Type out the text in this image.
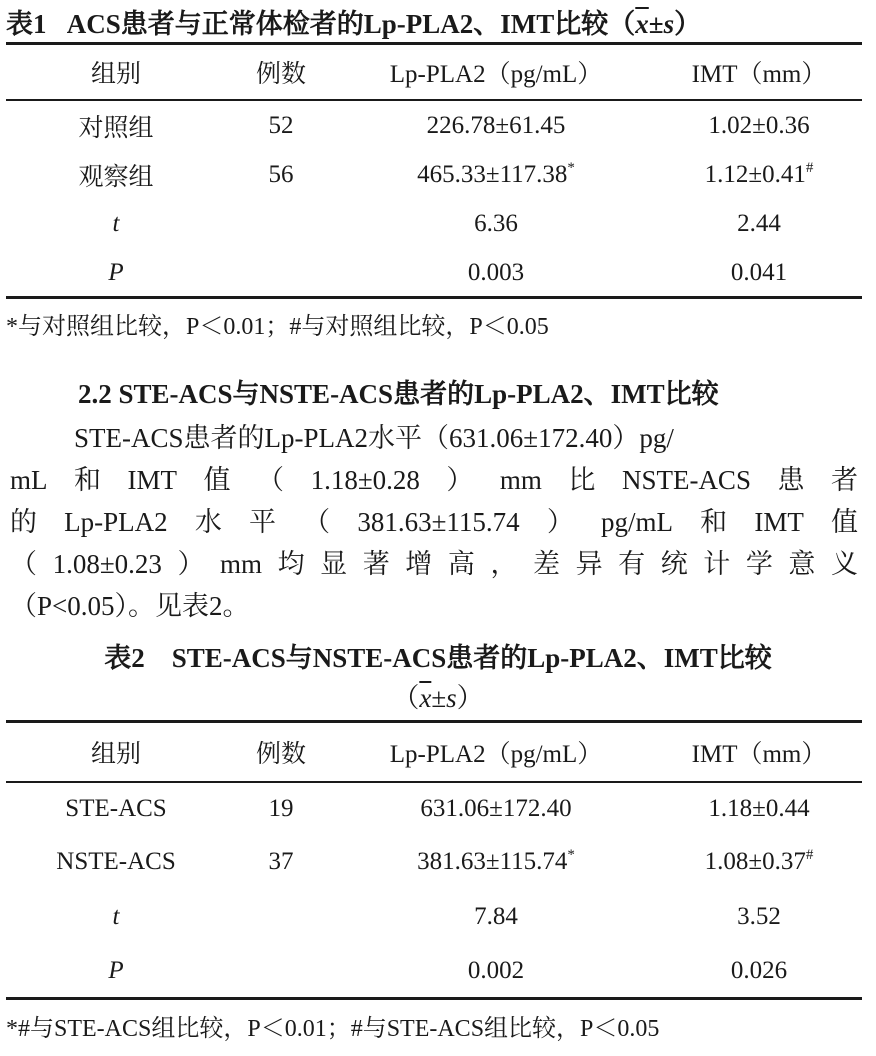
表1 ACS患者与正常体检者的Lp-PLA2、IMT比较$(\overline{x}\pm s)$
组别	例数	Lp-PLA2（pg/mL）	IMT（mm）
对照组	52	226.78±61.45	1.02±0.36
观察组	56	465.33±117.38*	1.12±0.41#
t		6.36	2.44
P		0.003	0.041
*与对照组比较，P＜0.01；#与对照组比较，P＜0.05
2.2 STE-ACS与NSTE-ACS患者的Lp-PLA2、IMT比较
STE-ACS患者的Lp-PLA2水平（631.06±172.40）pg/
mL和IMT值（1.18±0.28）mm比NSTE-ACS患者
的Lp-PLA2水平（381.63±115.74）pg/mL和IMT值
（1.08±0.23）mm均显著增高，差异有统计学意义
（P<0.05）。见表2。
表2　STE-ACS与NSTE-ACS患者的Lp-PLA2、IMT比较
$(\overline{x}\pm s)$
组别	例数	Lp-PLA2（pg/mL）	IMT（mm）
STE-ACS	19	631.06±172.40	1.18±0.44
NSTE-ACS	37	381.63±115.74*	1.08±0.37#
t		7.84	3.52
P		0.002	0.026
*#与STE-ACS组比较，P＜0.01；#与STE-ACS组比较，P＜0.05
